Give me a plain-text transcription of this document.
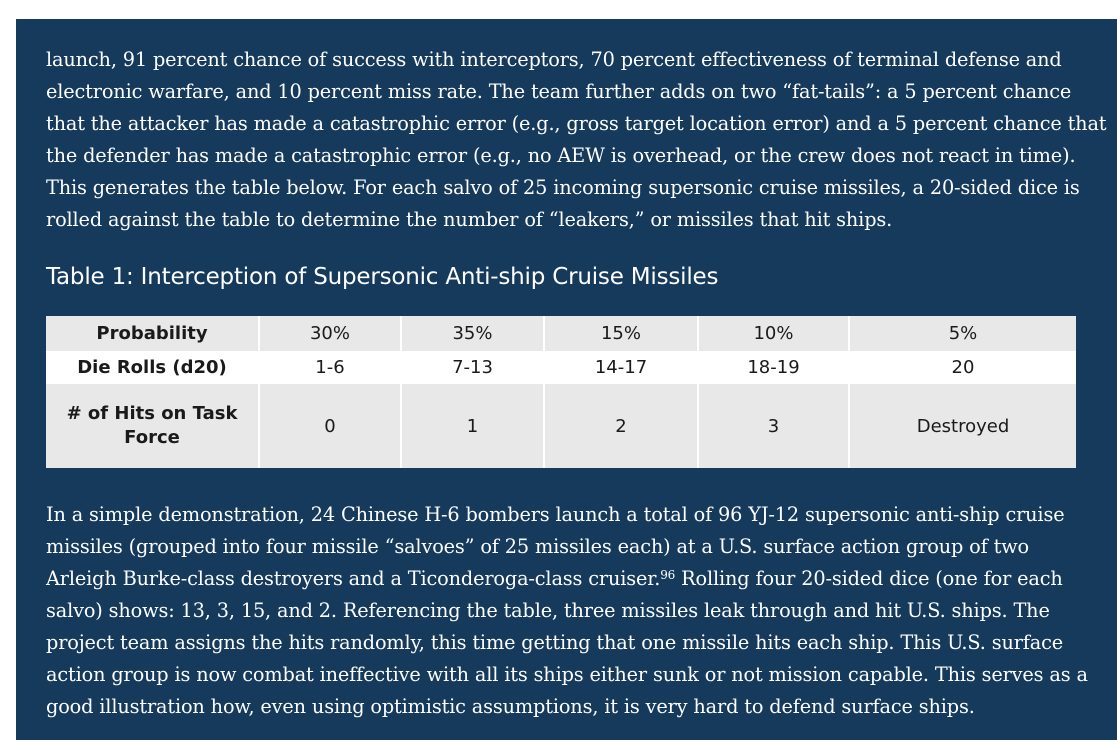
launch, 91 percent chance of success with interceptors, 70 percent effectiveness of terminal defense and
electronic warfare, and 10 percent miss rate. The team further adds on two “fat-tails”: a 5 percent chance
that the attacker has made a catastrophic error (e.g., gross target location error) and a 5 percent chance that
the defender has made a catastrophic error (e.g., no AEW is overhead, or the crew does not react in time).
This generates the table below. For each salvo of 25 incoming supersonic cruise missiles, a 20-sided dice is
rolled against the table to determine the number of “leakers,” or missiles that hit ships.

Table 1: Interception of Supersonic Anti-ship Cruise Missiles
Probability	30%	35%	15%	10%	5%
Die Rolls (d20)	1-6	7-13	14-17	18-19	20
# of Hits on Task
Force	0	1	2	3	Destroyed

In a simple demonstration, 24 Chinese H-6 bombers launch a total of 96 YJ-12 supersonic anti-ship cruise
missiles (grouped into four missile “salvoes” of 25 missiles each) at a U.S. surface action group of two
Arleigh Burke-class destroyers and a Ticonderoga-class cruiser.$^{96}$ Rolling four 20-sided dice (one for each
salvo) shows: 13, 3, 15, and 2. Referencing the table, three missiles leak through and hit U.S. ships. The
project team assigns the hits randomly, this time getting that one missile hits each ship. This U.S. surface
action group is now combat ineffective with all its ships either sunk or not mission capable. This serves as a
good illustration how, even using optimistic assumptions, it is very hard to defend surface ships.
